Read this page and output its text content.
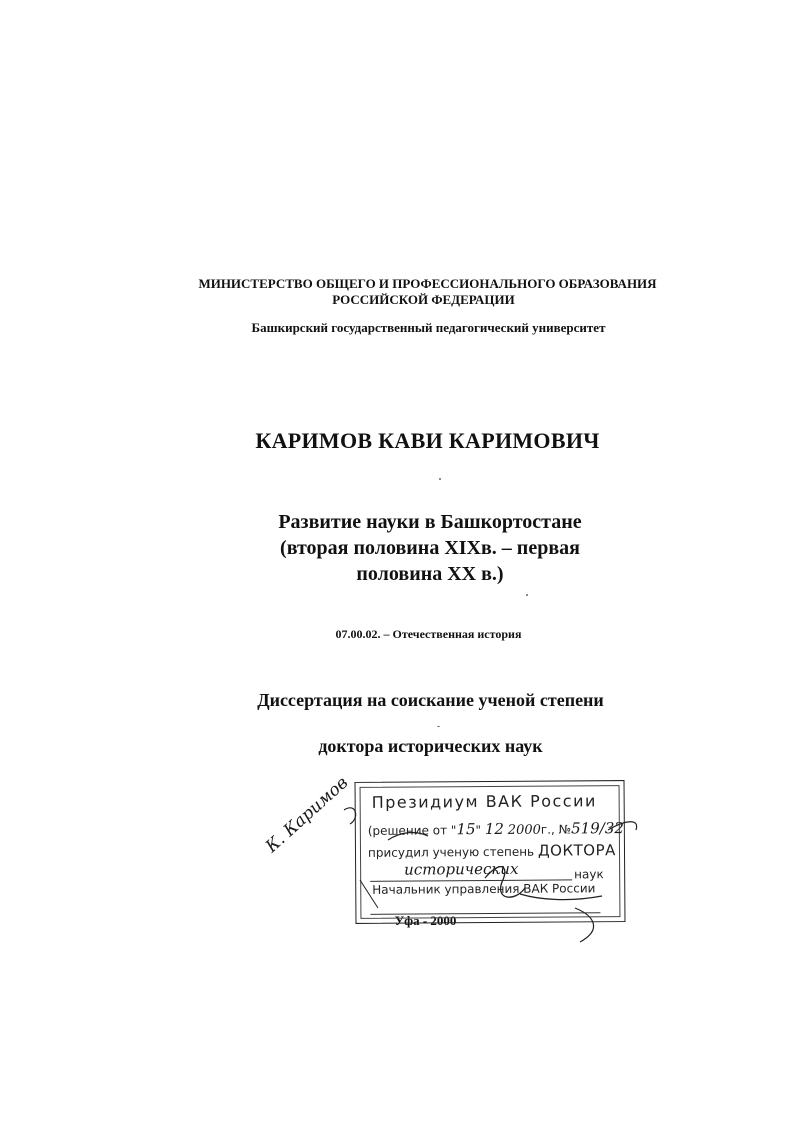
МИНИСТЕРСТВО ОБЩЕГО И ПРОФЕССИОНАЛЬНОГО ОБРАЗОВАНИЯ
РОССИЙСКОЙ ФЕДЕРАЦИИ
Башкирский государственный педагогический университет
КАРИМОВ КАВИ КАРИМОВИЧ
Развитие науки в Башкортостане
(вторая половина XIXв. – первая
половина XX в.)
07.00.02. – Отечественная история
Диссертация на соискание ученой степени
доктора исторических наук
Уфа - 2000
Президиум ВАК России
(решение от "15" 12 2000г., №519/32
присудил ученую степень ДОКТОРА
исторических	наук
Начальник управления ВАК России
К. Каримов
